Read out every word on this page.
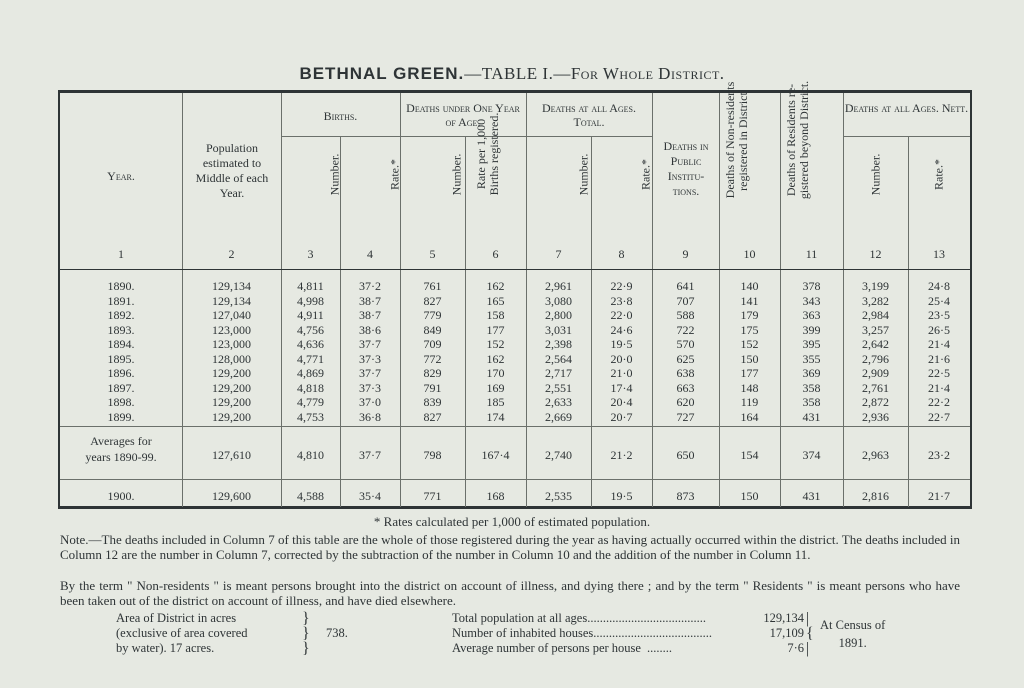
BETHNAL GREEN.—TABLE I.—For Whole District.
Year.
Population estimated to Middle of each Year.
Births.
Deaths under One Year of Age.
Deaths at all Ages. Total.
Deaths in Public Institu- tions.
Deaths at all Ages. Nett.
Number.	Rate.*	Number. Rate per 1,000 Births registered.	Number.	Rate.*	Deaths of Non-residents registered in District.	Deaths of Residents re- gistered beyond District.	Number.	Rate.*
1	2	3	4	5	6	7	8	9	10	11	12	13
1890.	129,134	4,811	37·2	761	162	2,961	22·9	641	140	378	3,199	24·8
1891.	129,134	4,998	38·7	827	165	3,080	23·8	707	141	343	3,282	25·4
1892.	127,040	4,911	38·7	779	158	2,800	22·0	588	179	363	2,984	23·5
1893.	123,000	4,756	38·6	849	177	3,031	24·6	722	175	399	3,257	26·5
1894.	123,000	4,636	37·7	709	152	2,398	19·5	570	152	395	2,642	21·4
1895.	128,000	4,771	37·3	772	162	2,564	20·0	625	150	355	2,796	21·6
1896.	129,200	4,869	37·7	829	170	2,717	21·0	638	177	369	2,909	22·5
1897.	129,200	4,818	37·3	791	169	2,551	17·4	663	148	358	2,761	21·4
1898.	129,200	4,779	37·0	839	185	2,633	20·4	620	119	358	2,872	22·2
1899.	129,200	4,753	36·8	827	174	2,669	20·7	727	164	431	2,936	22·7
Averages for
years 1890-99.	127,610	4,810	37·7	798	167·4	2,740	21·2	650	154	374	2,963	23·2
1900.	129,600	4,588	35·4	771	168	2,535	19·5	873	150	431	2,816	21·7
* Rates calculated per 1,000 of estimated population.

Note.—The deaths included in Column 7 of this table are the whole of those registered during the year as having actually occurred within the district. The deaths included in Column 12 are the number in Column 7, corrected by the subtraction of the number in Column 10 and the addition of the number in Column 11.

By the term " Non-residents " is meant persons brought into the district on account of illness, and dying there ; and by the term " Residents " is meant persons who have been taken out of the district on account of illness, and have died elsewhere.

Area of District in acres
(exclusive of area covered
by water). 17 acres.
}
}
}
738.
Total population at all ages ......................................	129,134
Number of inhabited houses ......................................	17,109
Average number of persons per house ........	7·6
|
{
|
At Census of
1891.
